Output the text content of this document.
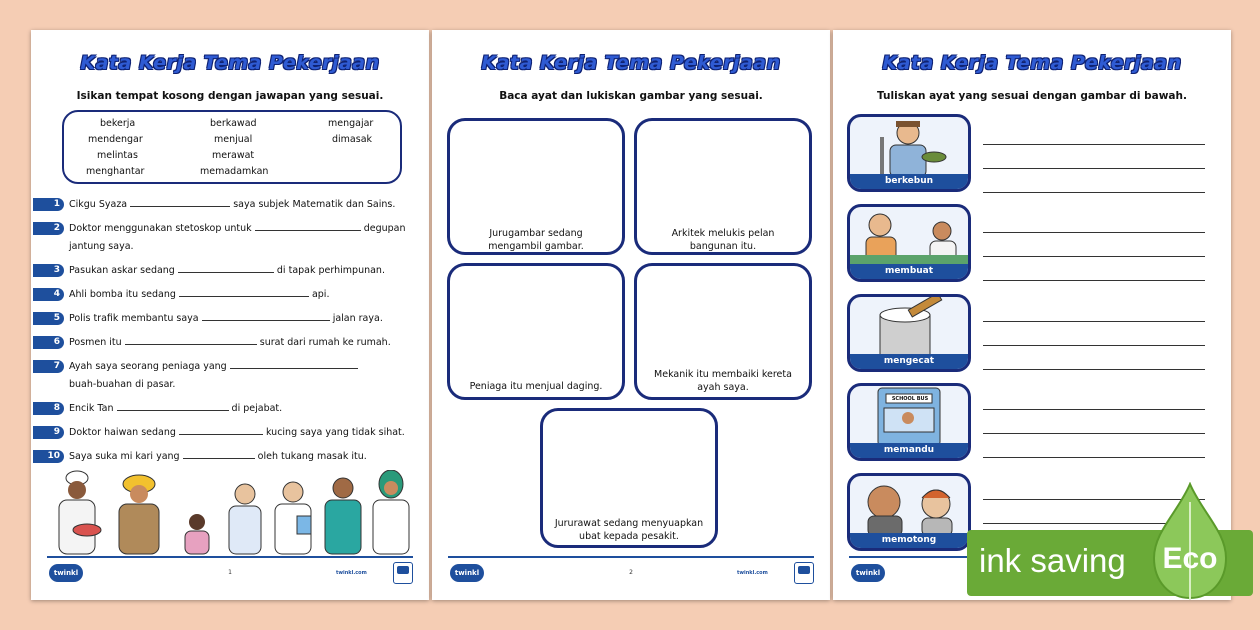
Kata Kerja Tema Pekerjaan
Isikan tempat kosong dengan jawapan yang sesuai.
bekerja	berkawad	mengajar
mendengar	menjual	dimasak
melintas	merawat
menghantar	memadamkan
1 Cikgu Syaza	saya subjek Matematik dan Sains.
2 Doktor menggunakan stetoskop untuk	degupan
jantung saya.
3 Pasukan askar sedang	di tapak perhimpunan.
4 Ahli bomba itu sedang	api.
5 Polis trafik membantu saya	jalan raya.
6 Posmen itu	surat dari rumah ke rumah.
7 Ayah saya seorang peniaga yang
buah-buahan di pasar.
8 Encik Tan	di pejabat.
9 Doktor haiwan sedang	kucing saya yang tidak sihat.
10 Saya suka mi kari yang	oleh tukang masak itu.
twinkl	1	twinkl.com
Kata Kerja Tema Pekerjaan
Baca ayat dan lukiskan gambar yang sesuai.
Jurugambar sedang
mengambil gambar.
Arkitek melukis pelan
bangunan itu.
Peniaga itu menjual daging.
Mekanik itu membaiki kereta
ayah saya.
Jururawat sedang menyuapkan
ubat kepada pesakit.
twinkl	2	twinkl.com
Kata Kerja Tema Pekerjaan
Tuliskan ayat yang sesuai dengan gambar di bawah.
berkebun
membuat
mengecat
SCHOOL BUS
memandu
memotong
twinkl	ink saving Eco
